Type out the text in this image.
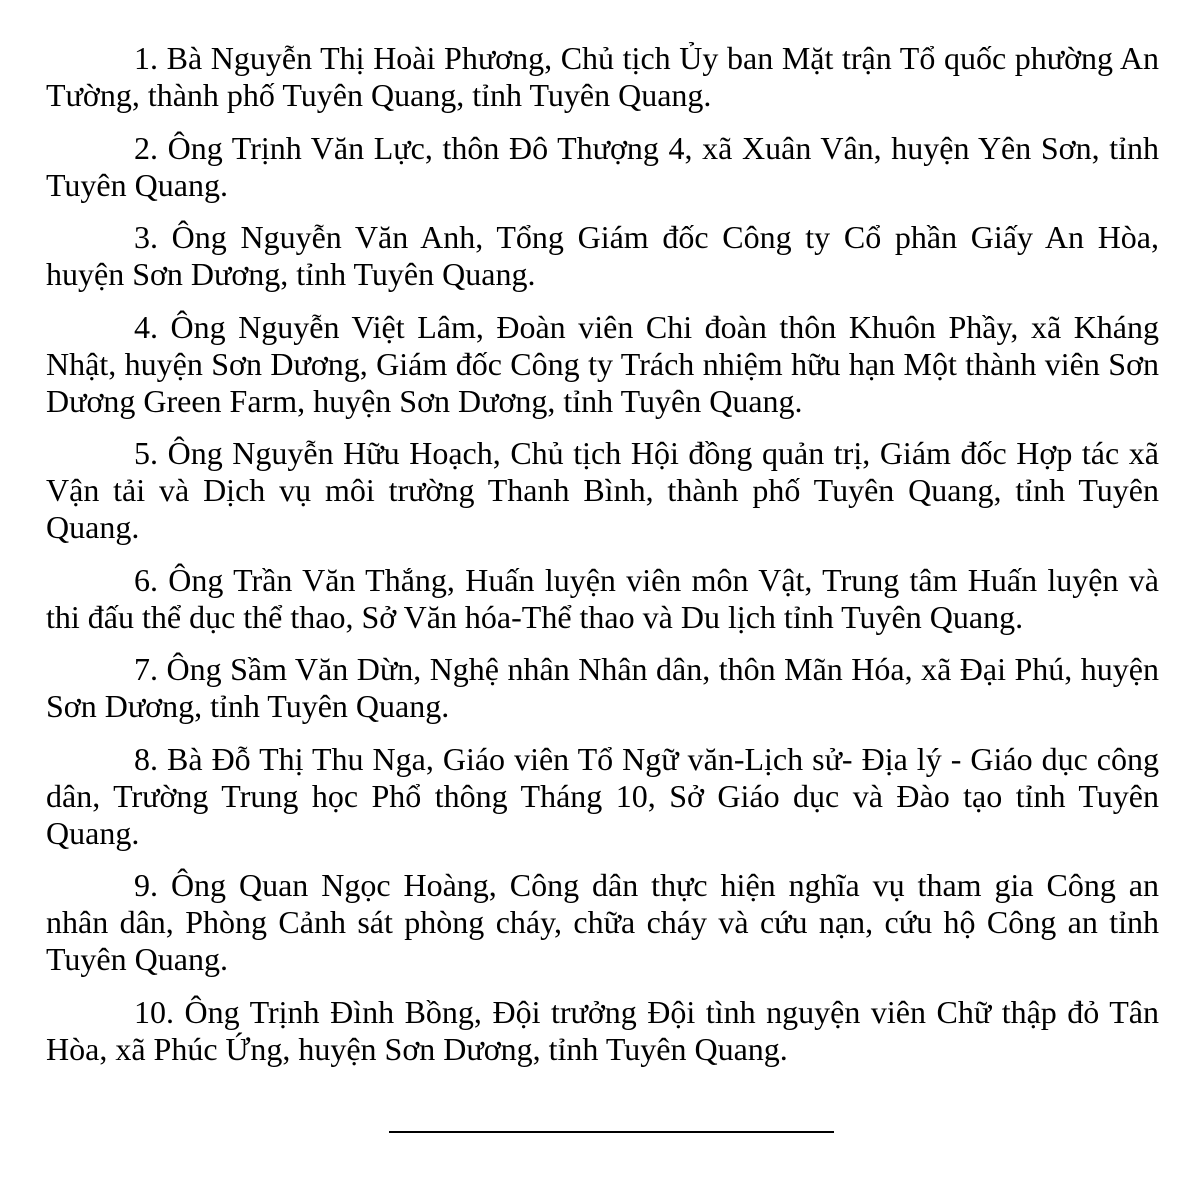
1. Bà Nguyễn Thị Hoài Phương, Chủ tịch Ủy ban Mặt trận Tổ quốc phường An Tường, thành phố Tuyên Quang, tỉnh Tuyên Quang.

2. Ông Trịnh Văn Lực, thôn Đô Thượng 4, xã Xuân Vân, huyện Yên Sơn, tỉnh Tuyên Quang.

3. Ông Nguyễn Văn Anh, Tổng Giám đốc Công ty Cổ phần Giấy An Hòa, huyện Sơn Dương, tỉnh Tuyên Quang.

4. Ông Nguyễn Việt Lâm, Đoàn viên Chi đoàn thôn Khuôn Phầy, xã Kháng Nhật, huyện Sơn Dương, Giám đốc Công ty Trách nhiệm hữu hạn Một thành viên Sơn Dương Green Farm, huyện Sơn Dương, tỉnh Tuyên Quang.

5. Ông Nguyễn Hữu Hoạch, Chủ tịch Hội đồng quản trị, Giám đốc Hợp tác xã Vận tải và Dịch vụ môi trường Thanh Bình, thành phố Tuyên Quang, tỉnh Tuyên Quang.

6. Ông Trần Văn Thắng, Huấn luyện viên môn Vật, Trung tâm Huấn luyện và thi đấu thể dục thể thao, Sở Văn hóa-Thể thao và Du lịch tỉnh Tuyên Quang.

7. Ông Sầm Văn Dừn, Nghệ nhân Nhân dân, thôn Mãn Hóa, xã Đại Phú, huyện Sơn Dương, tỉnh Tuyên Quang.

8. Bà Đỗ Thị Thu Nga, Giáo viên Tổ Ngữ văn-Lịch sử- Địa lý - Giáo dục công dân, Trường Trung học Phổ thông Tháng 10, Sở Giáo dục và Đào tạo tỉnh Tuyên Quang.

9. Ông Quan Ngọc Hoàng, Công dân thực hiện nghĩa vụ tham gia Công an nhân dân, Phòng Cảnh sát phòng cháy, chữa cháy và cứu nạn, cứu hộ Công an tỉnh Tuyên Quang.

10. Ông Trịnh Đình Bồng, Đội trưởng Đội tình nguyện viên Chữ thập đỏ Tân Hòa, xã Phúc Ứng, huyện Sơn Dương, tỉnh Tuyên Quang.
